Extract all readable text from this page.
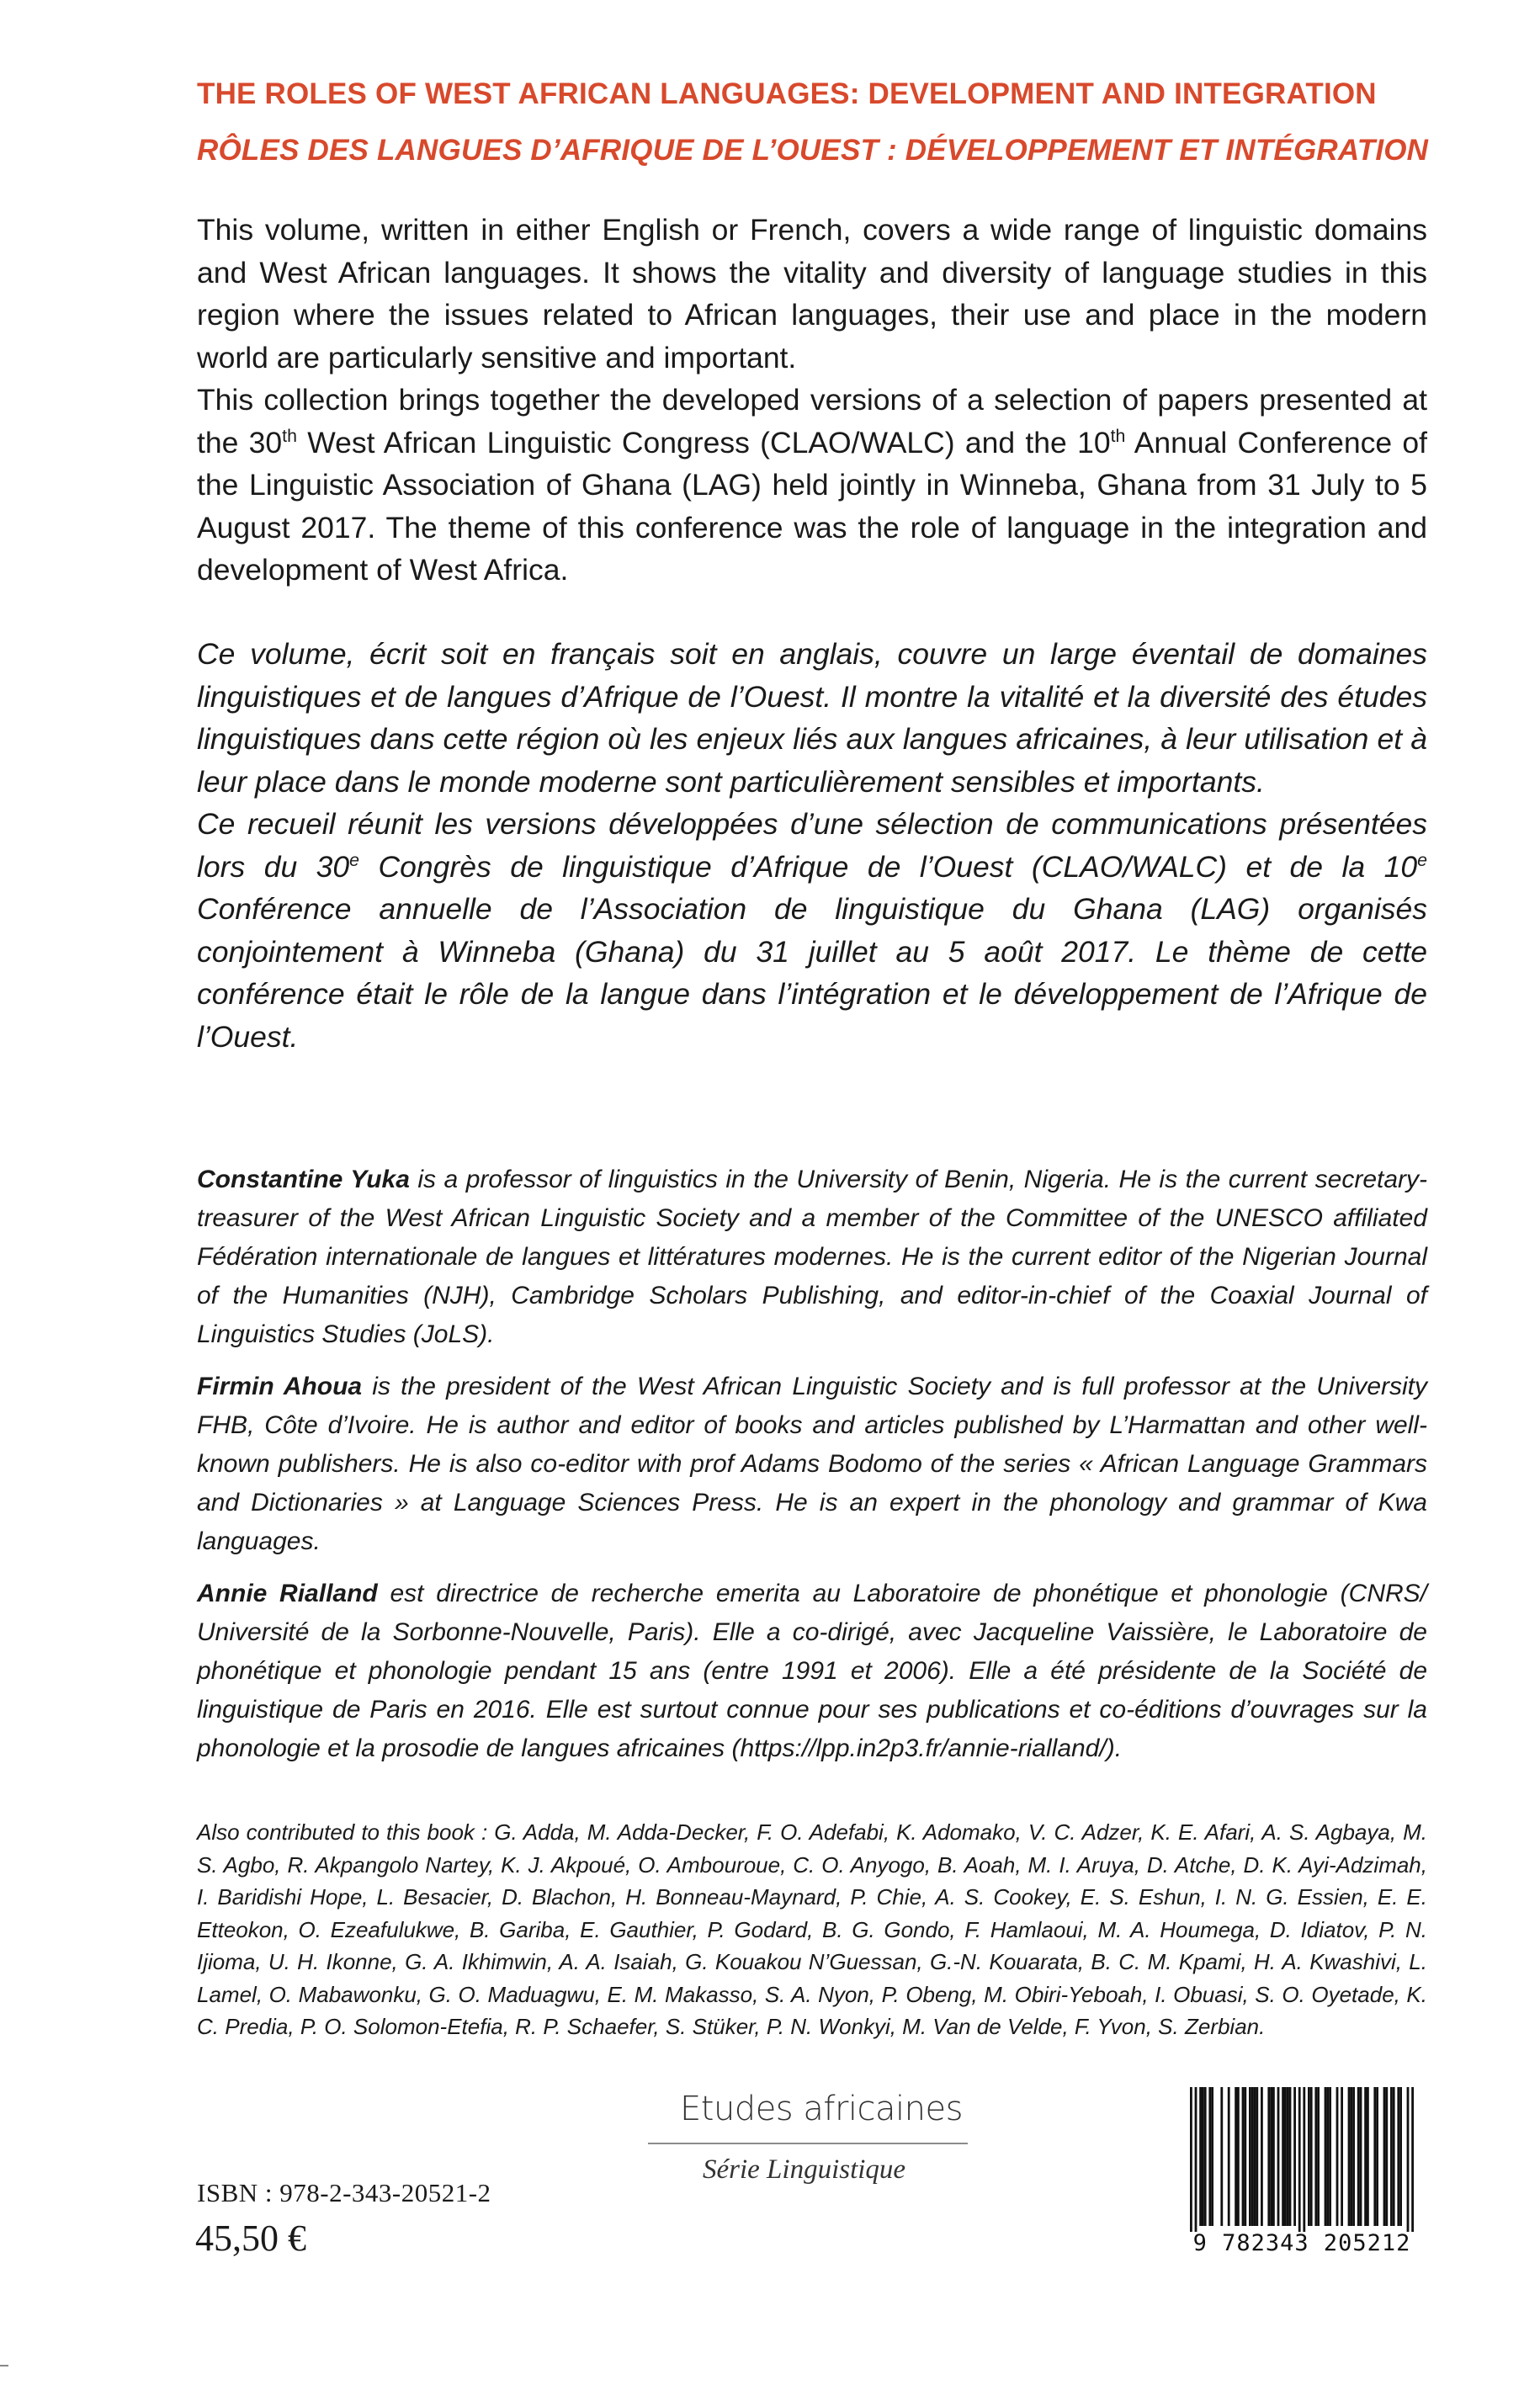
THE ROLES OF WEST AFRICAN LANGUAGES: DEVELOPMENT AND INTEGRATION
RÔLES DES LANGUES D’AFRIQUE DE L’OUEST : DÉVELOPPEMENT ET INTÉGRATION

This volume, written in either English or French, covers a wide range of linguistic domains and West African languages. It shows the vitality and diversity of language studies in this region where the issues related to African languages, their use and place in the modern world are particularly sensitive and important.

This collection brings together the developed versions of a selection of papers presented at the 30th West African Linguistic Congress (CLAO/WALC) and the 10th Annual Conference of the Linguistic Association of Ghana (LAG) held jointly in Winneba, Ghana from 31 July to 5 August 2017. The theme of this conference was the role of language in the integration and development of West Africa.

Ce volume, écrit soit en français soit en anglais, couvre un large éventail de domaines linguistiques et de langues d’Afrique de l’Ouest. Il montre la vitalité et la diversité des études linguistiques dans cette région où les enjeux liés aux langues africaines, à leur utilisation et à leur place dans le monde moderne sont particulièrement sensibles et importants.

Ce recueil réunit les versions développées d’une sélection de communications présentées lors du 30e Congrès de linguistique d’Afrique de l’Ouest (CLAO/WALC) et de la 10e Conférence annuelle de l’Association de linguistique du Ghana (LAG) organisés conjointement à Winneba (Ghana) du 31 juillet au 5 août 2017. Le thème de cette conférence était le rôle de la langue dans l’intégration et le développement de l’Afrique de l’Ouest.

Constantine Yuka is a professor of linguistics in the University of Benin, Nigeria. He is the current secretary-treasurer of the West African Linguistic Society and a member of the Committee of the UNESCO affiliated Fédération internationale de langues et littératures modernes. He is the current editor of the Nigerian Journal of the Humanities (NJH), Cambridge Scholars Publishing, and editor-in-chief of the Coaxial Journal of Linguistics Studies (JoLS).

Firmin Ahoua is the president of the West African Linguistic Society and is full professor at the University FHB, Côte d’Ivoire. He is author and editor of books and articles published by L’Harmattan and other well-known publishers. He is also co-editor with prof Adams Bodomo of the series « African Language Grammars and Dictionaries » at Language Sciences Press. He is an expert in the phonology and grammar of Kwa languages.

Annie Rialland est directrice de recherche emerita au Laboratoire de phonétique et phonologie (CNRS/ Université de la Sorbonne-Nouvelle, Paris). Elle a co-dirigé, avec Jacqueline Vaissière, le Laboratoire de phonétique et phonologie pendant 15 ans (entre 1991 et 2006). Elle a été présidente de la Société de linguistique de Paris en 2016. Elle est surtout connue pour ses publications et co-éditions d’ouvrages sur la phonologie et la prosodie de langues africaines (https://lpp.in2p3.fr/annie-rialland/).

Also contributed to this book : G. Adda, M. Adda-Decker, F. O. Adefabi, K. Adomako, V. C. Adzer, K. E. Afari, A. S. Agbaya, M. S. Agbo, R. Akpangolo Nartey, K. J. Akpoué, O. Ambouroue, C. O. Anyogo, B. Aoah, M. I. Aruya, D. Atche, D. K. Ayi-Adzimah, I. Baridishi Hope, L. Besacier, D. Blachon, H. Bonneau-Maynard, P. Chie, A. S. Cookey, E. S. Eshun, I. N. G. Essien, E. E. Etteokon, O. Ezeafulukwe, B. Gariba, E. Gauthier, P. Godard, B. G. Gondo, F. Hamlaoui, M. A. Houmega, D. Idiatov, P. N. Ijioma, U. H. Ikonne, G. A. Ikhimwin, A. A. Isaiah, G. Kouakou N’Guessan, G.-N. Kouarata, B. C. M. Kpami, H. A. Kwashivi, L. Lamel, O. Mabawonku, G. O. Maduagwu, E. M. Makasso, S. A. Nyon, P. Obeng, M. Obiri-Yeboah, I. Obuasi, S. O. Oyetade, K. C. Predia, P. O. Solomon-Etefia, R. P. Schaefer, S. Stüker, P. N. Wonkyi, M. Van de Velde, F. Yvon, S. Zerbian.

Etudes africaines
Série Linguistique
ISBN : 978-2-343-20521-2
45,50 €	9 782343 205212
